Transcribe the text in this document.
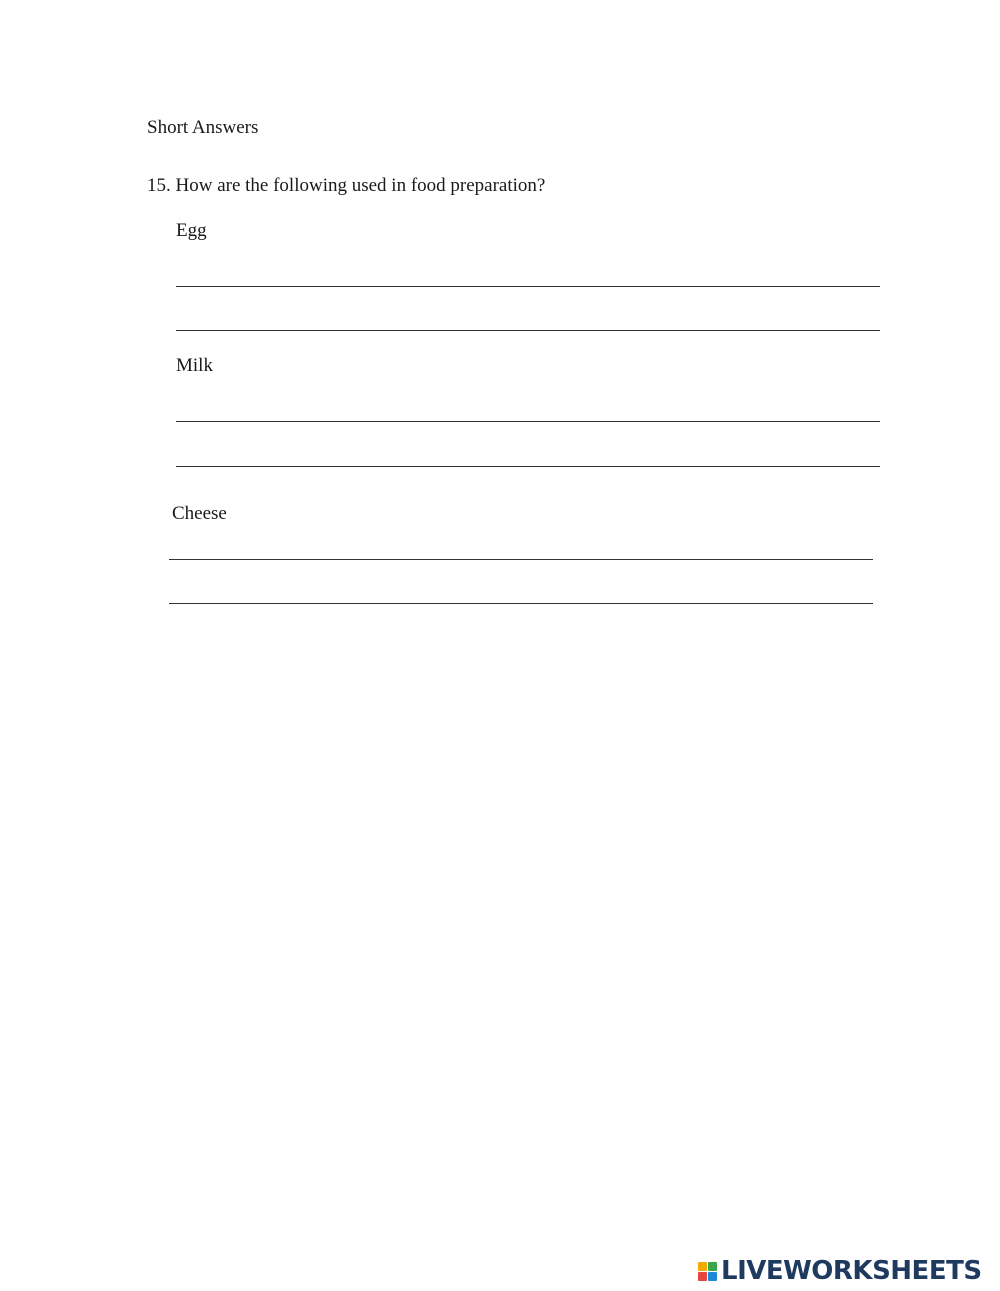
Short Answers
15. How are the following used in food preparation?
Egg
Milk
Cheese
LIVEWORKSHEETS
